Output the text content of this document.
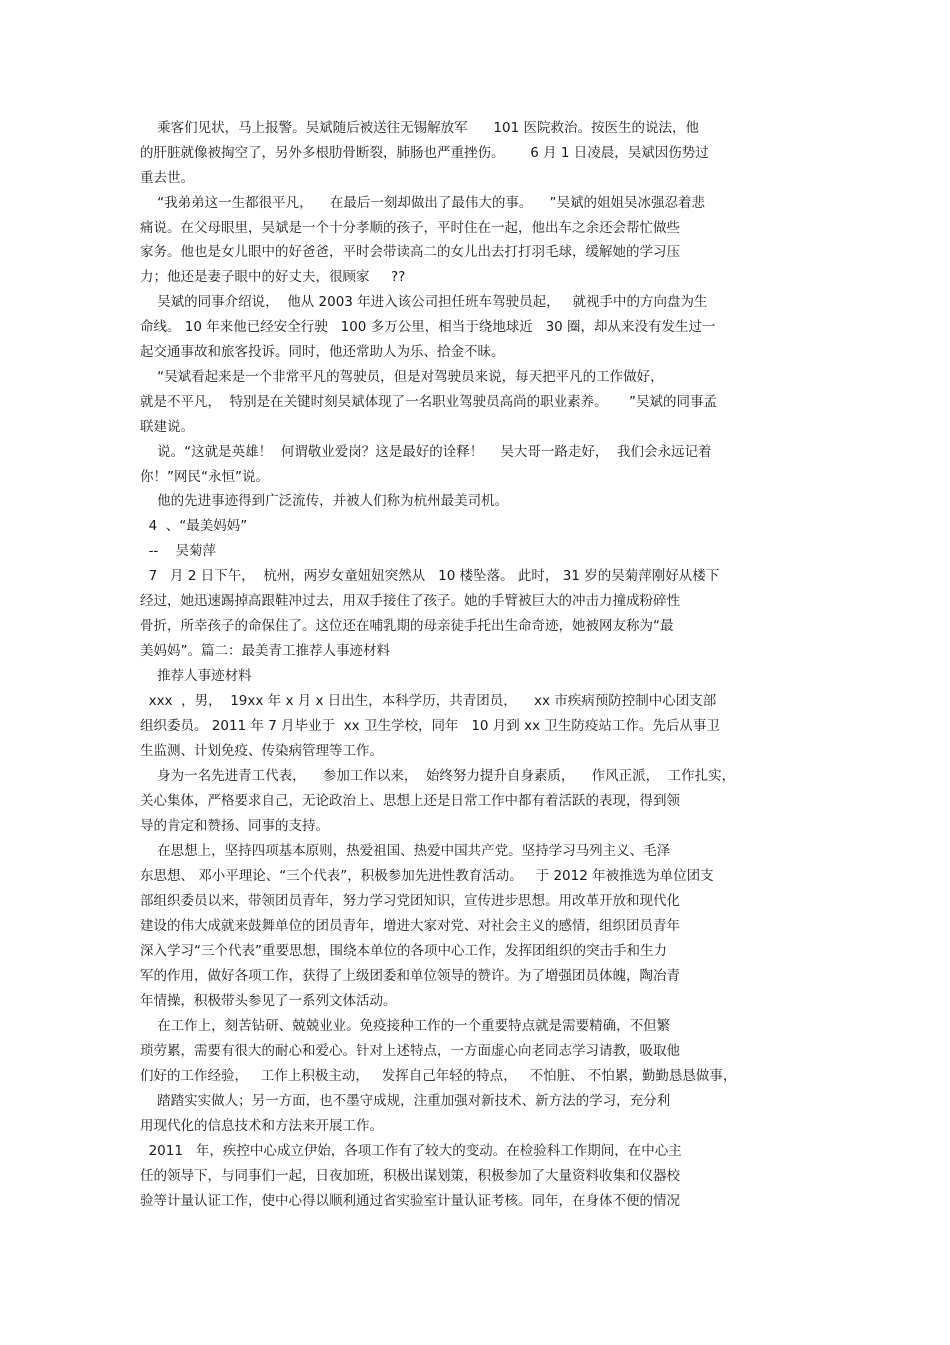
乘客们见状，马上报警。吴斌随后被送往无锡解放军      101 医院救治。按医生的说法，他
的肝脏就像被掏空了，另外多根肋骨断裂，肺肠也严重挫伤。      6 月 1 日凌晨，吴斌因伤势过
重去世。
“我弟弟这一生都很平凡，    在最后一刻却做出了最伟大的事。    ”吴斌的姐姐吴冰强忍着悲
痛说。在父母眼里，吴斌是一个十分孝顺的孩子，平时住在一起，他出车之余还会帮忙做些
家务。他也是女儿眼中的好爸爸，平时会带读高二的女儿出去打打羽毛球，缓解她的学习压
力；他还是妻子眼中的好丈夫，很顾家     ??
吴斌的同事介绍说，  他从 2003 年进入该公司担任班车驾驶员起，   就视手中的方向盘为生
命线。 10 年来他已经安全行驶   100 多万公里，相当于绕地球近   30 圈，却从来没有发生过一
起交通事故和旅客投诉。同时，他还常助人为乐、拾金不昧。
“吴斌看起来是一个非常平凡的驾驶员，但是对驾驶员来说，每天把平凡的工作做好，
就是不平凡，  特别是在关键时刻吴斌体现了一名职业驾驶员高尚的职业素养。     ”吴斌的同事孟
联建说。
说。“这就是英雄！  何谓敬业爱岗？这是最好的诠释！    吴大哥一路走好，  我们会永远记着
你！”网民“永恒”说。
他的先进事迹得到广泛流传，并被人们称为杭州最美司机。
4  、“最美妈妈”
--    吴菊萍
7   月 2 日下午，  杭州，两岁女童妞妞突然从   10 楼坠落。 此时， 31 岁的吴菊萍刚好从楼下
经过，她迅速踢掉高跟鞋冲过去，用双手接住了孩子。她的手臂被巨大的冲击力撞成粉碎性
骨折，所幸孩子的命保住了。这位还在哺乳期的母亲徒手托出生命奇迹，她被网友称为“最
美妈妈”。篇二：最美青工推荐人事迹材料
推荐人事迹材料
xxx  ，男，  19xx 年 x 月 x 日出生，本科学历，共青团员，    xx 市疾病预防控制中心团支部
组织委员。 2011 年 7 月毕业于  xx 卫生学校，同年   10 月到 xx 卫生防疫站工作。先后从事卫
生监测、计划免疫、传染病管理等工作。
身为一名先进青工代表，    参加工作以来，  始终努力提升自身素质，    作风正派，  工作扎实，
关心集体，严格要求自己，无论政治上、思想上还是日常工作中都有着活跃的表现，得到领
导的肯定和赞扬、同事的支持。
在思想上，坚持四项基本原则，热爱祖国、热爱中国共产党。坚持学习马列主义、毛泽
东思想、 邓小平理论、“三个代表”，积极参加先进性教育活动。   于 2012 年被推选为单位团支
部组织委员以来，带领团员青年，努力学习党团知识，宣传进步思想。用改革开放和现代化
建设的伟大成就来鼓舞单位的团员青年，增进大家对党、对社会主义的感情，组织团员青年
深入学习“三个代表”重要思想，围绕本单位的各项中心工作，发挥团组织的突击手和生力
军的作用，做好各项工作，获得了上级团委和单位领导的赞许。为了增强团员体魄，陶冶青
年情操，积极带头参见了一系列文体活动。
在工作上，刻苦钻研、兢兢业业。免疫接种工作的一个重要特点就是需要精确，不但繁
琐劳累，需要有很大的耐心和爱心。针对上述特点，一方面虚心向老同志学习请教，吸取他
们好的工作经验，   工作上积极主动，   发挥自己年轻的特点，   不怕脏、 不怕累，勤勤恳恳做事，
踏踏实实做人；另一方面，也不墨守成规，注重加强对新技术、新方法的学习，充分利
用现代化的信息技术和方法来开展工作。
2011   年，疾控中心成立伊始，各项工作有了较大的变动。在检验科工作期间，在中心主
任的领导下，与同事们一起，日夜加班，积极出谋划策，积极参加了大量资料收集和仪器校
验等计量认证工作，使中心得以顺利通过省实验室计量认证考核。同年，在身体不便的情况
